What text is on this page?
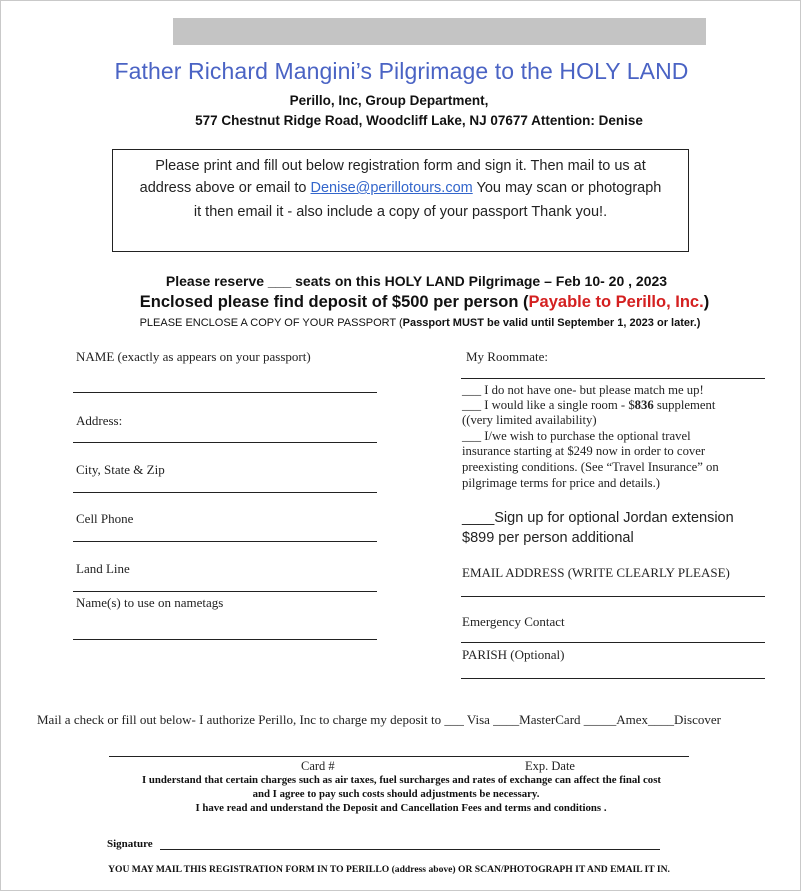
Father Richard Mangini’s Pilgrimage to the HOLY LAND
Perillo, Inc, Group Department,
577 Chestnut Ridge Road, Woodcliff Lake, NJ 07677 Attention: Denise
Please print and fill out below registration form and sign it. Then mail to us at
address above or email to Denise@perillotours.com You may scan or photograph
it then email it - also include a copy of your passport Thank you!.
Please reserve ___ seats on this HOLY LAND Pilgrimage – Feb 10- 20 , 2023
Enclosed please find deposit of $500 per person (Payable to Perillo, Inc.)
PLEASE ENCLOSE A COPY OF YOUR PASSPORT (Passport MUST be valid until September 1, 2023 or later.)
NAME (exactly as appears on your passport)
Address:
City, State & Zip
Cell Phone
Land Line
Name(s) to use on nametags
My Roommate:
___ I do not have one- but please match me up!
___ I would like a single room - $836 supplement
((very limited availability)
___ I/we wish to purchase the optional travel
insurance starting at $249 now in order to cover
preexisting conditions. (See “Travel Insurance” on
pilgrimage terms for price and details.)
____Sign up for optional Jordan extension
$899 per person additional
EMAIL ADDRESS (WRITE CLEARLY PLEASE)
Emergency Contact
PARISH (Optional)
Mail a check or fill out below- I authorize Perillo, Inc to charge my deposit to ___ Visa ____MasterCard _____Amex____Discover
Card #	Exp. Date
I understand that certain charges such as air taxes, fuel surcharges and rates of exchange can affect the final cost
and I agree to pay such costs should adjustments be necessary.
I have read and understand the Deposit and Cancellation Fees and terms and conditions .
Signature
YOU MAY MAIL THIS REGISTRATION FORM IN TO PERILLO (address above) OR SCAN/PHOTOGRAPH IT AND EMAIL IT IN.
